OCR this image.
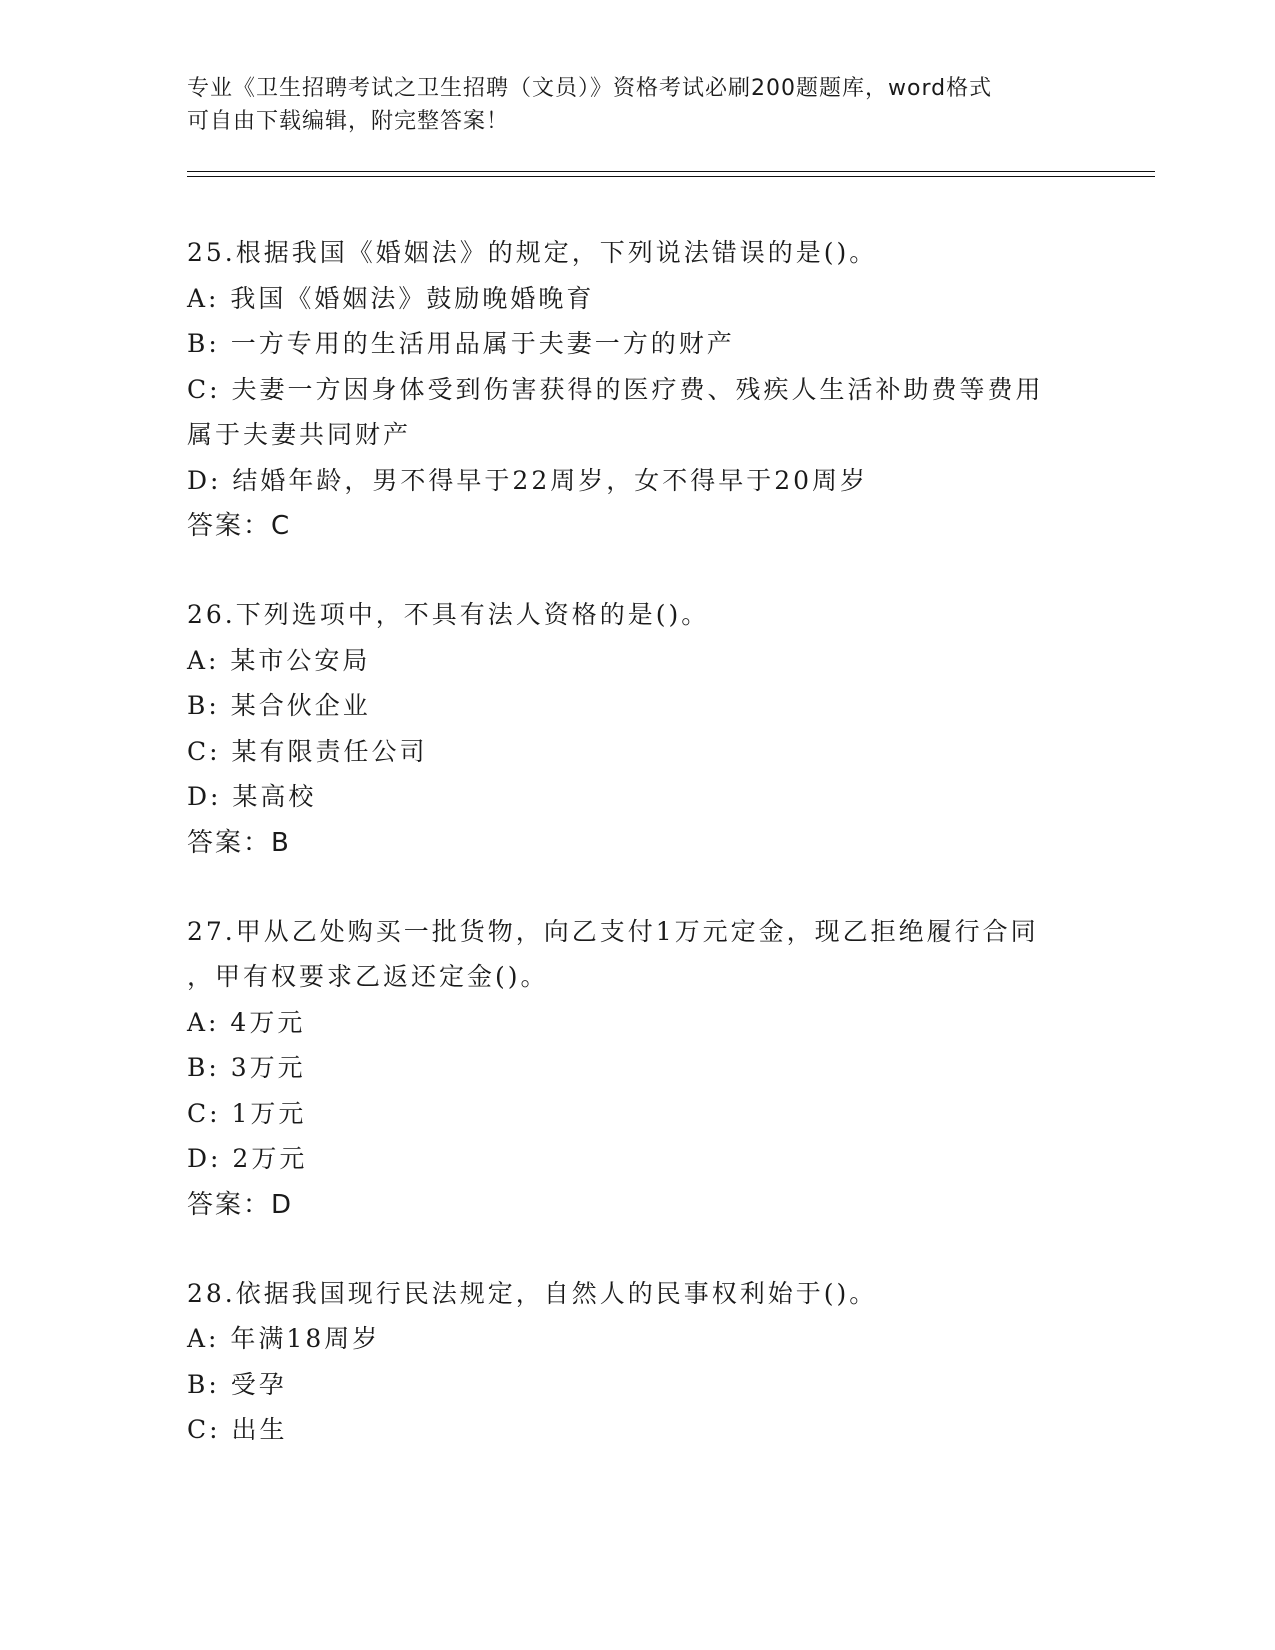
专业《卫生招聘考试之卫生招聘（文员）》资格考试必刷200题题库，word格式
可自由下载编辑，附完整答案！
25.根据我国《婚姻法》的规定，下列说法错误的是()。
A: 我国《婚姻法》鼓励晚婚晚育
B: 一方专用的生活用品属于夫妻一方的财产
C: 夫妻一方因身体受到伤害获得的医疗费、残疾人生活补助费等费用
属于夫妻共同财产
D: 结婚年龄，男不得早于22周岁，女不得早于20周岁
答案：C
26.下列选项中，不具有法人资格的是()。
A: 某市公安局
B: 某合伙企业
C: 某有限责任公司
D: 某高校
答案：B
27.甲从乙处购买一批货物，向乙支付1万元定金，现乙拒绝履行合同
，甲有权要求乙返还定金()。
A: 4万元
B: 3万元
C: 1万元
D: 2万元
答案：D
28.依据我国现行民法规定，自然人的民事权利始于()。
A: 年满18周岁
B: 受孕
C: 出生
